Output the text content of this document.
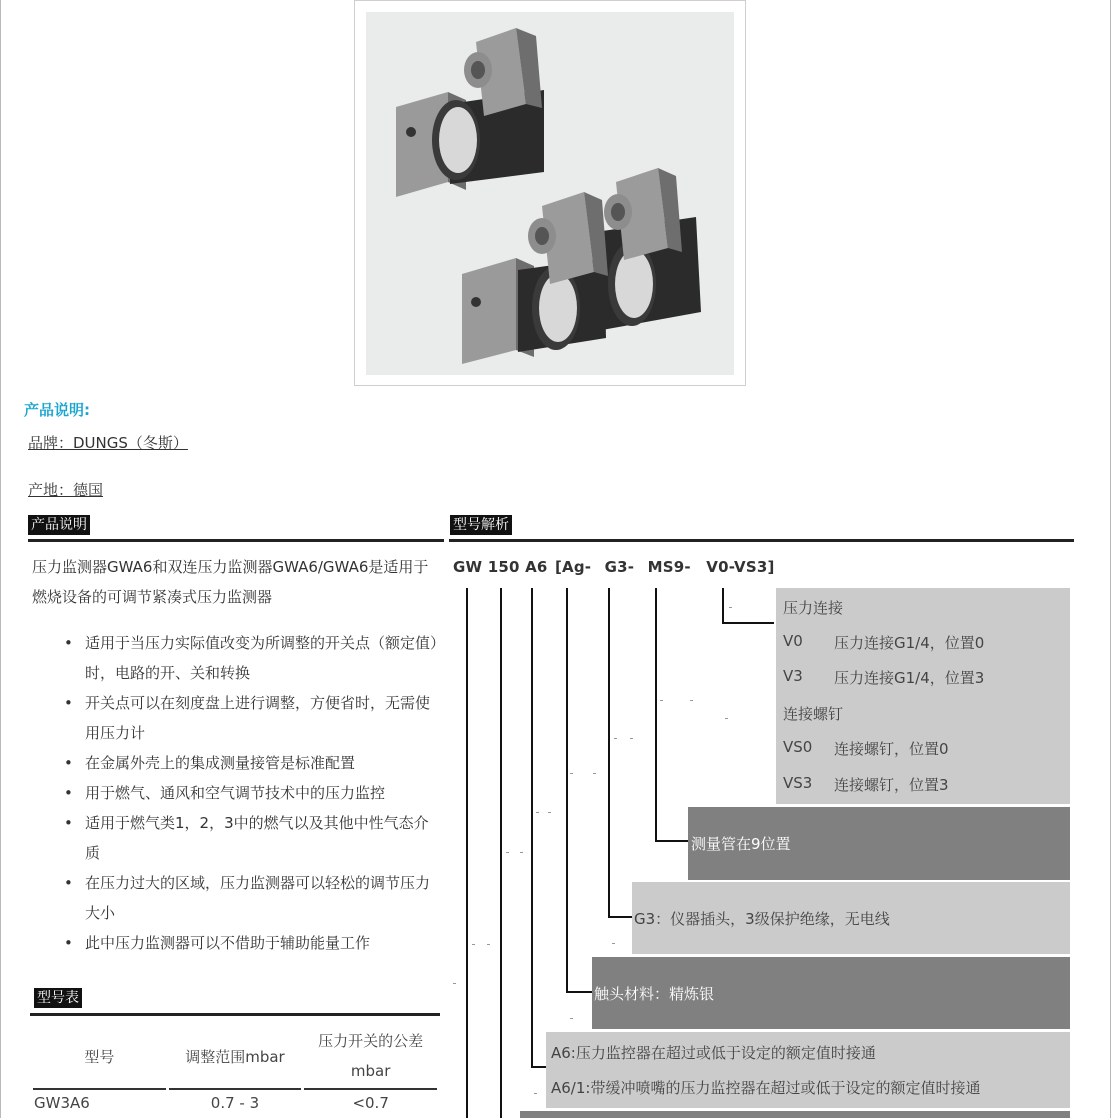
产品说明:
品牌：DUNGS（冬斯）
产地：德国
产品说明	型号解析
压力监测器GWA6和双连压力监测器GWA6/GWA6是适用于燃烧设备的可调节紧凑式压力监测器
• 适用于当压力实际值改变为所调整的开关点（额定值）时，电路的开、关和转换
• 开关点可以在刻度盘上进行调整，方便省时，无需使用压力计
• 在金属外壳上的集成测量接管是标准配置
• 用于燃气、通风和空气调节技术中的压力监控
• 适用于燃气类1，2，3中的燃气以及其他中性气态介质
• 在压力过大的区域，压力监测器可以轻松的调节压力大小
• 此中压力监测器可以不借助于辅助能量工作
型号表
型号	调整范围mbar	压力开关的公差mbar
GW3A6	0.7 - 3	<0.7
GW 150 A6 [Ag- G3- MS9- V0-VS3]
压力连接
V0 压力连接G1/4，位置0
V3 压力连接G1/4，位置3
连接螺钉
VS0 连接螺钉，位置0
VS3 连接螺钉，位置3
测量管在9位置
G3：仪器插头，3级保护绝缘，无电线
触头材料：精炼银
A6:压力监控器在超过或低于设定的额定值时接通
A6/1:带缓冲喷嘴的压力监控器在超过或低于设定的额定值时接通
